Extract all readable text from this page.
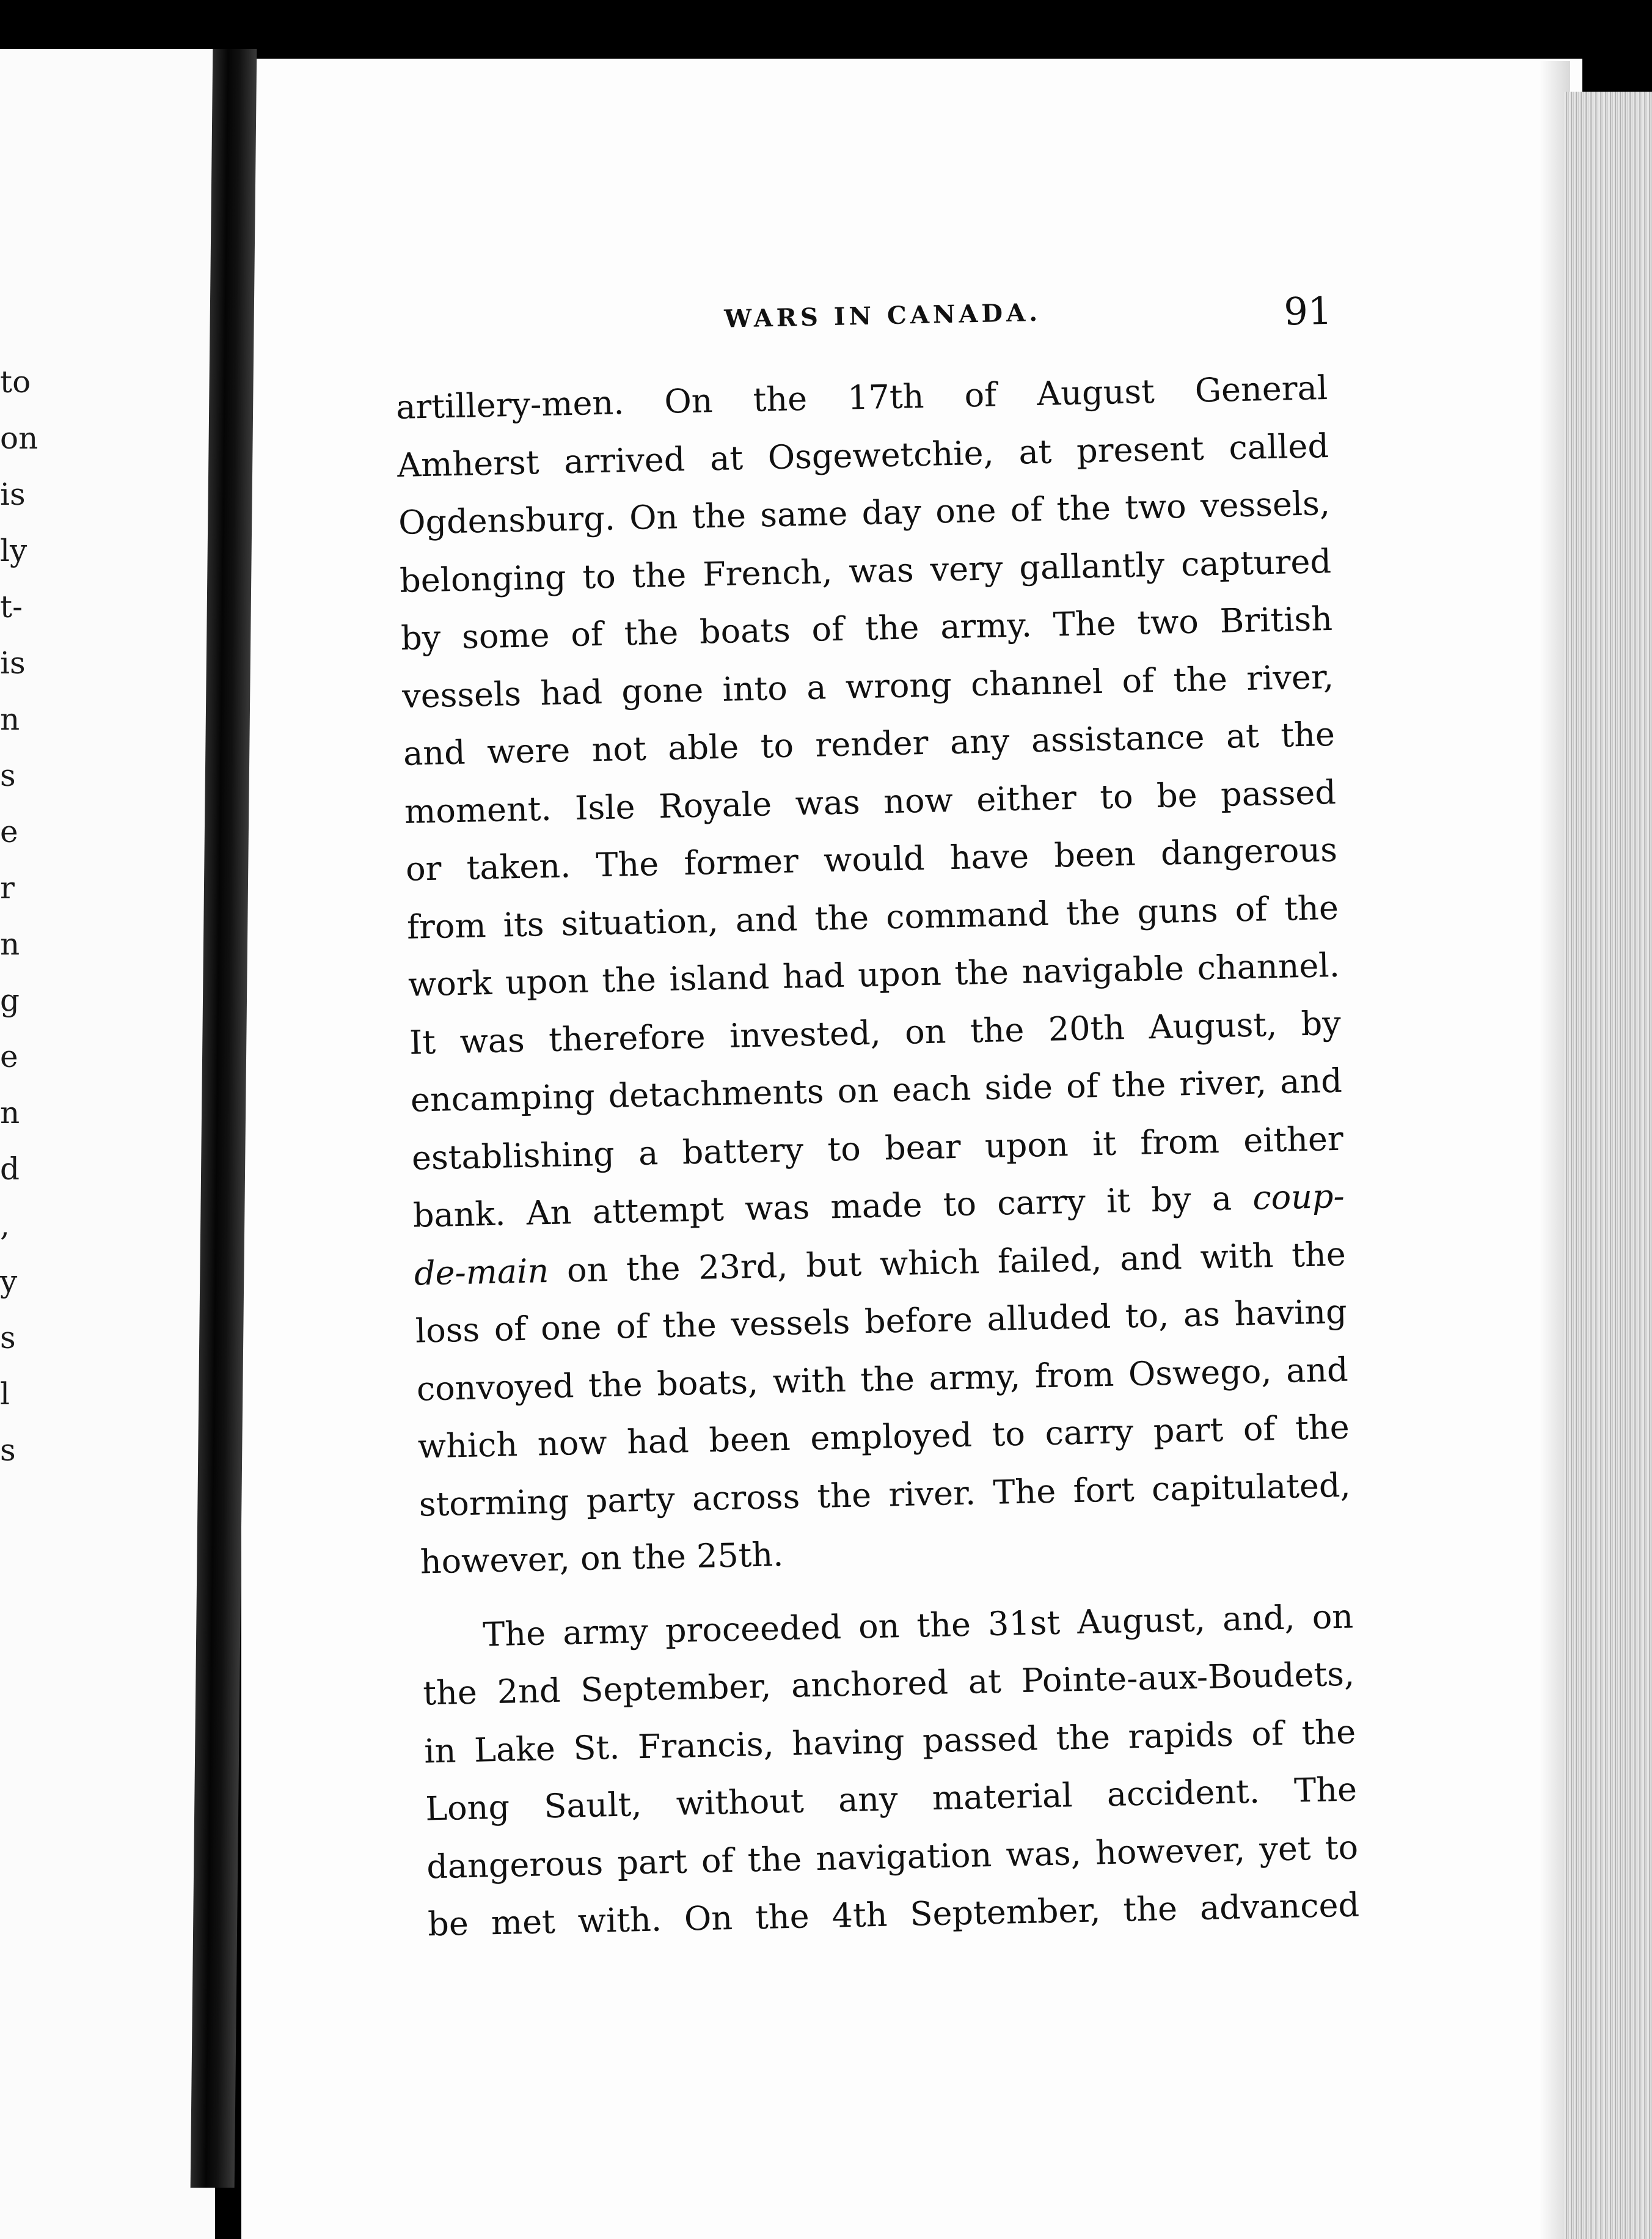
to
on
is
ly
t-
is
n
s
e
r
n
g
e
n
d
,
y
s
l
s
WARS IN CANADA.	91
artillery-men. On the 17th of August General
Amherst arrived at Osgewetchie, at present called
Ogdensburg. On the same day one of the two vessels,
belonging to the French, was very gallantly captured
by some of the boats of the army. The two British
vessels had gone into a wrong channel of the river,
and were not able to render any assistance at the
moment. Isle Royale was now either to be passed
or taken. The former would have been dangerous
from its situation, and the command the guns of the
work upon the island had upon the navigable channel.
It was therefore invested, on the 20th August, by
encamping detachments on each side of the river, and
establishing a battery to bear upon it from either
bank. An attempt was made to carry it by a coup-
de-main on the 23rd, but which failed, and with the
loss of one of the vessels before alluded to, as having
convoyed the boats, with the army, from Oswego, and
which now had been employed to carry part of the
storming party across the river. The fort capitulated,
however, on the 25th.
The army proceeded on the 31st August, and, on
the 2nd September, anchored at Pointe-aux-Boudets,
in Lake St. Francis, having passed the rapids of the
Long Sault, without any material accident. The
dangerous part of the navigation was, however, yet to
be met with. On the 4th September, the advanced
